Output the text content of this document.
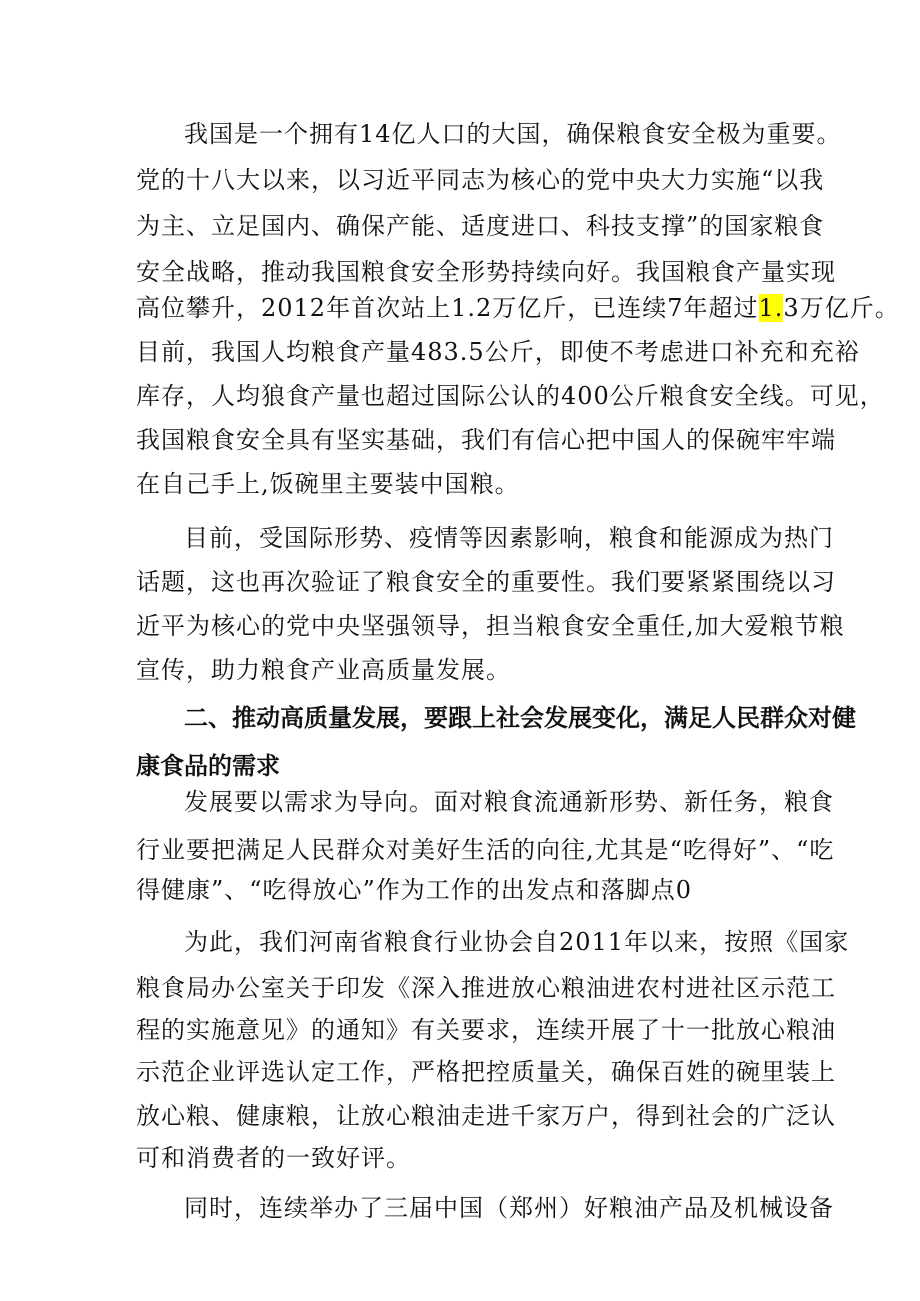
我国是一个拥有14亿人口的大国，确保粮食安全极为重要。
党的十八大以来，以习近平同志为核心的党中央大力实施“以我
为主、立足国内、确保产能、适度进口、科技支撑”的国家粮食
安全战略，推动我国粮食安全形势持续向好。我国粮食产量实现
高位攀升，2012年首次站上1.2万亿斤，已连续7年超过1.3万亿斤。
目前，我国人均粮食产量483.5公斤，即使不考虑进口补充和充裕
库存，人均狼食产量也超过国际公认的400公斤粮食安全线。可见，
我国粮食安全具有坚实基础，我们有信心把中国人的保碗牢牢端
在自己手上,饭碗里主要装中国粮。
目前，受国际形势、疫情等因素影响，粮食和能源成为热门
话题，这也再次验证了粮食安全的重要性。我们要紧紧围绕以习
近平为核心的党中央坚强领导，担当粮食安全重任,加大爱粮节粮
宣传，助力粮食产业高质量发展。
二、推动高质量发展，要跟上社会发展变化，满足人民群众对健
康食品的需求
发展要以需求为导向。面对粮食流通新形势、新任务，粮食
行业要把满足人民群众对美好生活的向往,尤其是“吃得好”、“吃
得健康”、“吃得放心”作为工作的出发点和落脚点0
为此，我们河南省粮食行业协会自2011年以来，按照《国家
粮食局办公室关于印发《深入推进放心粮油进农村进社区示范工
程的实施意见》的通知》有关要求，连续开展了十一批放心粮油
示范企业评选认定工作，严格把控质量关，确保百姓的碗里装上
放心粮、健康粮，让放心粮油走进千家万户，得到社会的广泛认
可和消费者的一致好评。
同时，连续举办了三届中国（郑州）好粮油产品及机械设备
